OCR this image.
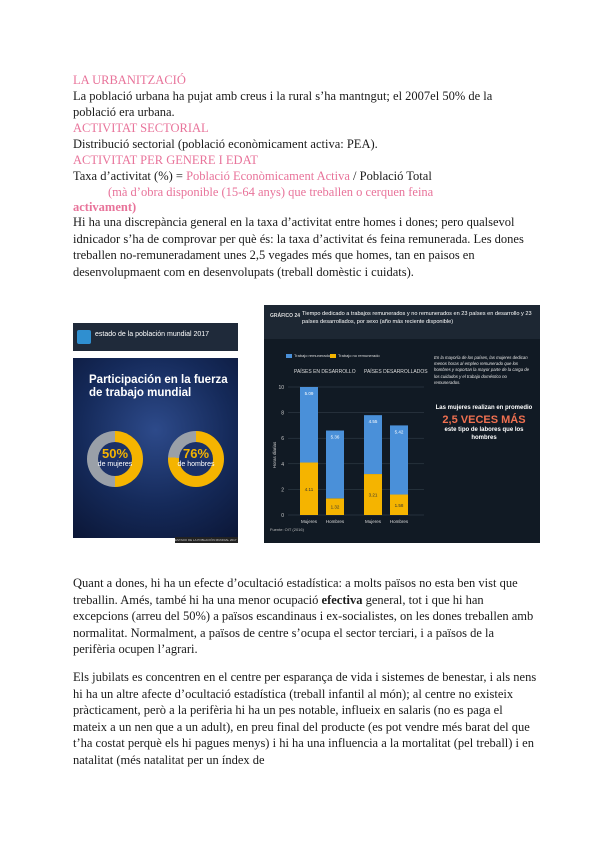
LA URBANITZACIÓ
La població urbana ha pujat amb creus i la rural s’ha mantngut; el 2007el 50% de la
població era urbana.
ACTIVITAT SECTORIAL
Distribució sectorial (població econòmicament activa: PEA).
ACTIVITAT PER GENERE I EDAT
Taxa d’activitat (%) = Població Econòmicament Activa / Població Total
(mà d’obra disponible (15-64 anys) que treballen o cerquen feina
activament)
Hi ha una discrepància general en la taxa d’activitat entre homes i dones; pero qualsevol idnicador s’ha de comprovar per què és: la taxa d’activitat és feina remunerada. Les dones treballen no-remuneradament unes 2,5 vegades més que homes, tan en paisos en desenvolupmaent com en desenvolupats (treball domèstic i cuidats).
estado de la población mundial 2017
Participación en la fuerza de trabajo mundial
50%
de mujeres
76%
de hombres
ESTADO DE LA POBLACIÓN MUNDIAL 2017
GRÁFICO 24 Tiempo dedicado a trabajos remunerados y no remunerados en 23 países en desarrollo y 23 países desarrollados, por sexo (año más reciente disponible)
Trabajo remunerado	Trabajo no remunerado
PAÍSES EN DESARROLLO PAÍSES DESARROLLADOS
0
2
4
6
8
10
Horas diarias
5.09
4.11
Mujeres
5.36
1.32
Hombres
4.55
3.21
Mujeres
5.42
1.58
Hombres
En la mayoría de los países, las mujeres dedican menos horas al empleo remunerado que los hombres y soportan la mayor parte de la carga de los cuidados y el trabajo doméstico no remunerados.
Las mujeres realizan en promedio
2,5 VECES MÁS
este tipo de labores que los hombres
Fuente: OIT (2016)
Quant a dones, hi ha un efecte d’ocultació estadística: a molts països no esta ben vist que treballin. Amés, també hi ha una menor ocupació efectiva general, tot i que hi han excepcions (arreu del 50%) a països escandinaus i ex-socialistes, on les dones treballen amb normalitat. Normalment, a països de centre s’ocupa el sector terciari, i a països de la perifèria ocupen l’agrari.
Els jubilats es concentren en el centre per esparança de vida i sistemes de benestar, i als nens hi ha un altre afecte d’ocultació estadística (treball infantil al món); al centre no existeix pràcticament, però a la perifèria hi ha un pes notable, influeix en salaris (no es paga el mateix a un nen que a un adult), en preu final del producte (es pot vendre més barat del que t’ha costat perquè els hi pagues menys) i hi ha una influencia a la mortalitat (pel treball) i en natalitat (més natalitat per un índex de
